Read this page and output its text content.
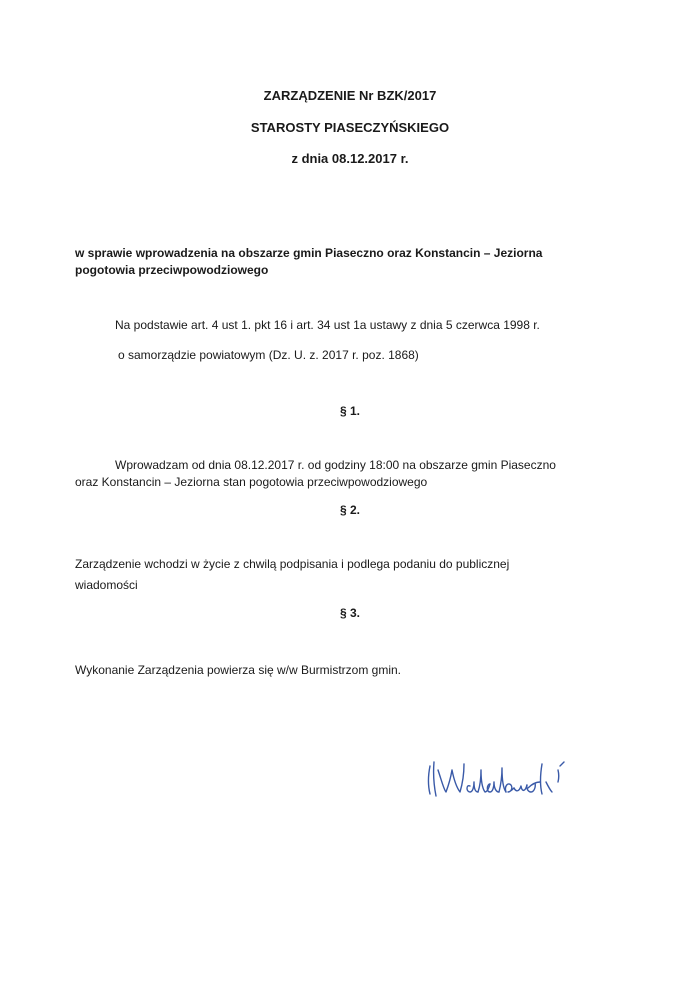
ZARZĄDZENIE Nr BZK/2017
STAROSTY PIASECZYŃSKIEGO
z dnia 08.12.2017 r.
w sprawie wprowadzenia na obszarze gmin Piaseczno oraz Konstancin – Jeziorna
pogotowia przeciwpowodziowego
Na podstawie art. 4 ust 1. pkt 16 i art. 34 ust 1a ustawy z dnia 5 czerwca 1998 r.
o samorządzie powiatowym (Dz. U. z. 2017 r. poz. 1868)
§ 1.
Wprowadzam od dnia 08.12.2017 r. od godziny 18:00 na obszarze gmin Piaseczno
oraz Konstancin – Jeziorna stan pogotowia przeciwpowodziowego
§ 2.
Zarządzenie wchodzi w życie z chwilą podpisania i podlega podaniu do publicznej
wiadomości
§ 3.
Wykonanie Zarządzenia powierza się w/w Burmistrzom gmin.
